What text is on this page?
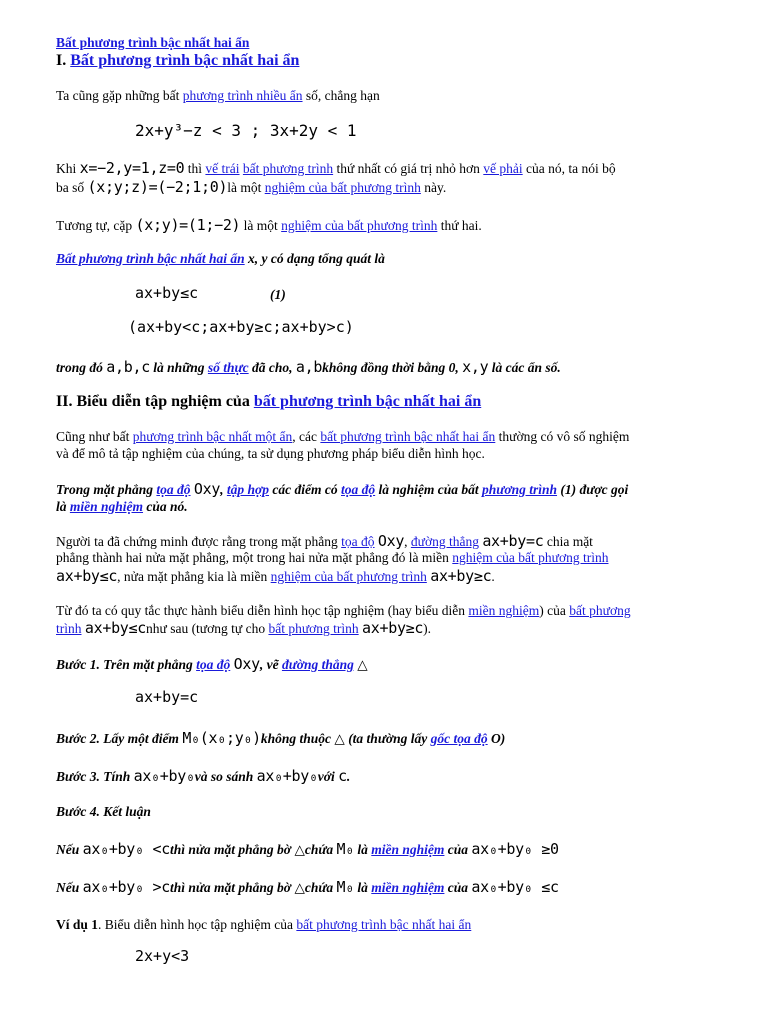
Bất phương trình bậc nhất hai ẩn
I. Bất phương trình bậc nhất hai ẩn
Ta cũng gặp những bất phương trình nhiều ẩn số, chẳng hạn
2x+y³−z < 3 ; 3x+2y < 1
Khi x=−2,y=1,z=0 thì vế trái bất phương trình thứ nhất có giá trị nhỏ hơn vế phải của nó, ta nói bộ
ba số (x;y;z)=(−2;1;0)là một nghiệm của bất phương trình này.
Tương tự, cặp (x;y)=(1;−2) là một nghiệm của bất phương trình thứ hai.
Bất phương trình bậc nhất hai ẩn x, y có dạng tổng quát là
ax+by≤c	(1)
(ax+by<c;ax+by≥c;ax+by>c)
trong đó a,b,c là những số thực đã cho, a,bkhông đồng thời bằng 0, x,y là các ẩn số.
II. Biểu diễn tập nghiệm của bất phương trình bậc nhất hai ẩn
Cũng như bất phương trình bậc nhất một ẩn, các bất phương trình bậc nhất hai ẩn thường có vô số nghiệm
và để mô tả tập nghiệm của chúng, ta sử dụng phương pháp biểu diễn hình học.
Trong mặt phẳng tọa độ Oxy, tập hợp các điểm có tọa độ là nghiệm của bất phương trình (1) được gọi
là miền nghiệm của nó.
Người ta đã chứng minh được rằng trong mặt phẳng tọa độ Oxy, đường thẳng ax+by=c chia mặt
phẳng thành hai nửa mặt phẳng, một trong hai nửa mặt phẳng đó là miền nghiệm của bất phương trình
ax+by≤c, nửa mặt phẳng kia là miền nghiệm của bất phương trình ax+by≥c.
Từ đó ta có quy tắc thực hành biểu diễn hình học tập nghiệm (hay biểu diễn miền nghiệm) của bất phương
trình ax+by≤cnhư sau (tương tự cho bất phương trình ax+by≥c).
Bước 1. Trên mặt phẳng tọa độ Oxy, vẽ đường thẳng △
ax+by=c
Bước 2. Lấy một điểm M₀(x₀;y₀)không thuộc △ (ta thường lấy gốc tọa độ O)
Bước 3. Tính ax₀+by₀và so sánh ax₀+by₀với c.
Bước 4. Kết luận
Nếu ax₀+by₀ <cthì nửa mặt phẳng bờ △chứa M₀ là miền nghiệm của ax₀+by₀ ≥0
Nếu ax₀+by₀ >cthì nửa mặt phẳng bờ △chứa M₀ là miền nghiệm của ax₀+by₀ ≤c
Ví dụ 1. Biểu diễn hình học tập nghiệm của bất phương trình bậc nhất hai ẩn
2x+y<3
